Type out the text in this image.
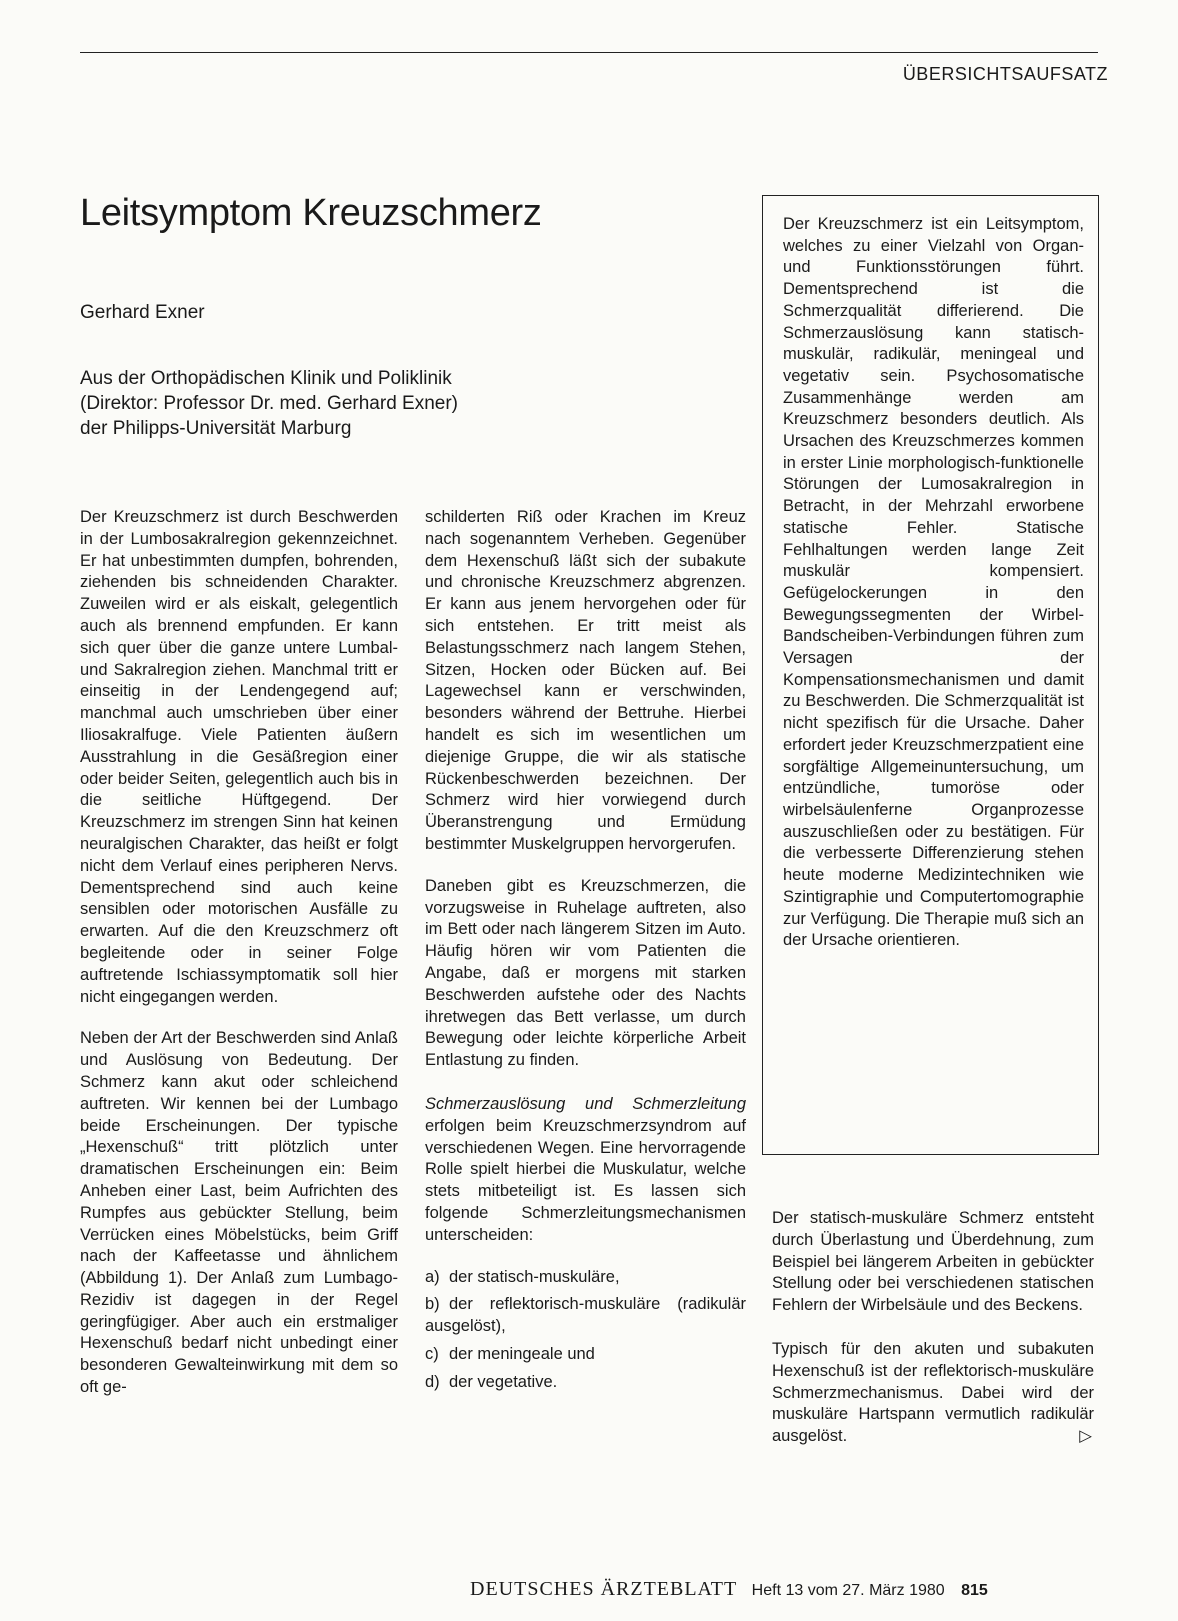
ÜBERSICHTSAUFSATZ
Leitsymptom Kreuzschmerz
Gerhard Exner
Aus der Orthopädischen Klinik und Poliklinik
(Direktor: Professor Dr. med. Gerhard Exner)
der Philipps-Universität Marburg
Der Kreuzschmerz ist ein Leitsymptom, welches zu einer Vielzahl von Organ- und Funktionsstörungen führt. Dementsprechend ist die Schmerzqualität differierend. Die Schmerzauslösung kann statisch-muskulär, radikulär, meningeal und vegetativ sein. Psychosomatische Zusammenhänge werden am Kreuzschmerz besonders deutlich. Als Ursachen des Kreuzschmerzes kommen in erster Linie morphologisch-funktionelle Störungen der Lumosakralregion in Betracht, in der Mehrzahl erworbene statische Fehler. Statische Fehlhaltungen werden lange Zeit muskulär kompensiert. Gefügelockerungen in den Bewegungssegmenten der Wirbel-Bandscheiben-Verbindungen führen zum Versagen der Kompensationsmechanismen und damit zu Beschwerden. Die Schmerzqualität ist nicht spezifisch für die Ursache. Daher erfordert jeder Kreuzschmerzpatient eine sorgfältige Allgemeinuntersuchung, um entzündliche, tumoröse oder wirbelsäulenferne Organprozesse auszuschließen oder zu bestätigen. Für die verbesserte Differenzierung stehen heute moderne Medizintechniken wie Szintigraphie und Computertomographie zur Verfügung. Die Therapie muß sich an der Ursache orientieren.

Der Kreuzschmerz ist durch Beschwerden in der Lumbosakralregion gekennzeichnet. Er hat unbestimmten dumpfen, bohrenden, ziehenden bis schneidenden Charakter. Zuweilen wird er als eiskalt, gelegentlich auch als brennend empfunden. Er kann sich quer über die ganze untere Lumbal- und Sakralregion ziehen. Manchmal tritt er einseitig in der Lendengegend auf; manchmal auch umschrieben über einer Iliosakralfuge. Viele Patienten äußern Ausstrahlung in die Gesäßregion einer oder beider Seiten, gelegentlich auch bis in die seitliche Hüftgegend. Der Kreuzschmerz im strengen Sinn hat keinen neuralgischen Charakter, das heißt er folgt nicht dem Verlauf eines peripheren Nervs. Dementsprechend sind auch keine sensiblen oder motorischen Ausfälle zu erwarten. Auf die den Kreuzschmerz oft begleitende oder in seiner Folge auftretende Ischiassymptomatik soll hier nicht eingegangen werden.

Neben der Art der Beschwerden sind Anlaß und Auslösung von Bedeutung. Der Schmerz kann akut oder schleichend auftreten. Wir kennen bei der Lumbago beide Erscheinungen. Der typische „Hexenschuß“ tritt plötzlich unter dramatischen Erscheinungen ein: Beim Anheben einer Last, beim Aufrichten des Rumpfes aus gebückter Stellung, beim Verrücken eines Möbelstücks, beim Griff nach der Kaffeetasse und ähnlichem (Abbildung 1). Der Anlaß zum Lumbago-Rezidiv ist dagegen in der Regel geringfügiger. Aber auch ein erstmaliger Hexenschuß bedarf nicht unbedingt einer besonderen Gewalteinwirkung mit dem so oft ge-

schilderten Riß oder Krachen im Kreuz nach sogenanntem Verheben. Gegenüber dem Hexenschuß läßt sich der subakute und chronische Kreuzschmerz abgrenzen. Er kann aus jenem hervorgehen oder für sich entstehen. Er tritt meist als Belastungsschmerz nach langem Stehen, Sitzen, Hocken oder Bücken auf. Bei Lagewechsel kann er verschwinden, besonders während der Bettruhe. Hierbei handelt es sich im wesentlichen um diejenige Gruppe, die wir als statische Rückenbeschwerden bezeichnen. Der Schmerz wird hier vorwiegend durch Überanstrengung und Ermüdung bestimmter Muskelgruppen hervorgerufen.

Daneben gibt es Kreuzschmerzen, die vorzugsweise in Ruhelage auftreten, also im Bett oder nach längerem Sitzen im Auto. Häufig hören wir vom Patienten die Angabe, daß er morgens mit starken Beschwerden aufstehe oder des Nachts ihretwegen das Bett verlasse, um durch Bewegung oder leichte körperliche Arbeit Entlastung zu finden.

Schmerzauslösung und Schmerzleitung erfolgen beim Kreuzschmerzsyndrom auf verschiedenen Wegen. Eine hervorragende Rolle spielt hierbei die Muskulatur, welche stets mitbeteiligt ist. Es lassen sich folgende Schmerzleitungsmechanismen unterscheiden:

a) der statisch-muskuläre,
b) der reflektorisch-muskuläre (radikulär ausgelöst),
c) der meningeale und
d) der vegetative.

Der statisch-muskuläre Schmerz entsteht durch Überlastung und Überdehnung, zum Beispiel bei längerem Arbeiten in gebückter Stellung oder bei verschiedenen statischen Fehlern der Wirbelsäule und des Beckens.

Typisch für den akuten und subakuten Hexenschuß ist der reflektorisch-muskuläre Schmerzmechanismus. Dabei wird der muskuläre Hartspann vermutlich radikulär ausgelöst.	▷

DEUTSCHES ÄRZTEBLATT Heft 13 vom 27. März 1980 815
